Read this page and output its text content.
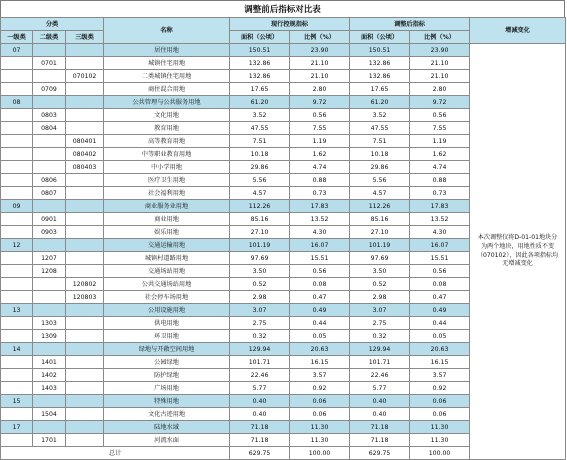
调整前后指标对比表
分类			名称	现行控规指标		调整后指标		增减变化
一级类	二级类	三级类		面积（公顷）	比例（%）	面积（公顷）	比例（%）	

07			居住用地	150.51	23.90	150.51	23.90	本次调整仅将D-01-01地块分为两个地块，用地性质不变（070102），因此各项指标均无增减变化
	0701		城镇住宅用地	132.86	21.10	132.86	21.10	
		070102	二类城镇住宅用地	132.86	21.10	132.86	21.10	
	0709		商住混合用地	17.65	2.80	17.65	2.80	
08			公共管理与公共服务用地	61.20	9.72	61.20	9.72	
	0803		文化用地	3.52	0.56	3.52	0.56	
	0804		教育用地	47.55	7.55	47.55	7.55	
		080401	高等教育用地	7.51	1.19	7.51	1.19	
		080402	中等职业教育用地	10.18	1.62	10.18	1.62	
		080403	中小学用地	29.86	4.74	29.86	4.74	
	0806		医疗卫生用地	5.56	0.88	5.56	0.88	
	0807		社会福利用地	4.57	0.73	4.57	0.73	
09			商业服务业用地	112.26	17.83	112.26	17.83	
	0901		商业用地	85.16	13.52	85.16	13.52	
	0903		娱乐用地	27.10	4.30	27.10	4.30	
12			交通运输用地	101.19	16.07	101.19	16.07	
	1207		城镇村道路用地	97.69	15.51	97.69	15.51	
	1208		交通场站用地	3.50	0.56	3.50	0.56	
		120802	公共交通场站用地	0.52	0.08	0.52	0.08	
		120803	社会停车场用地	2.98	0.47	2.98	0.47	
13			公用设施用地	3.07	0.49	3.07	0.49	
	1303		供电用地	2.75	0.44	2.75	0.44	
	1309		环卫用地	0.32	0.05	0.32	0.05	
14			绿地与开敞空间用地	129.94	20.63	129.94	20.63	
	1401		公园绿地	101.71	16.15	101.71	16.15	
	1402		防护绿地	22.46	3.57	22.46	3.57	
	1403		广场用地	5.77	0.92	5.77	0.92	
15			特殊用地	0.40	0.06	0.40	0.06	
	1504		文化古迹用地	0.40	0.06	0.40	0.06	
17			陆地水域	71.18	11.30	71.18	11.30	
	1701		河流水面	71.18	11.30	71.18	11.30	
总计				629.75	100.00	629.75	100.00	
